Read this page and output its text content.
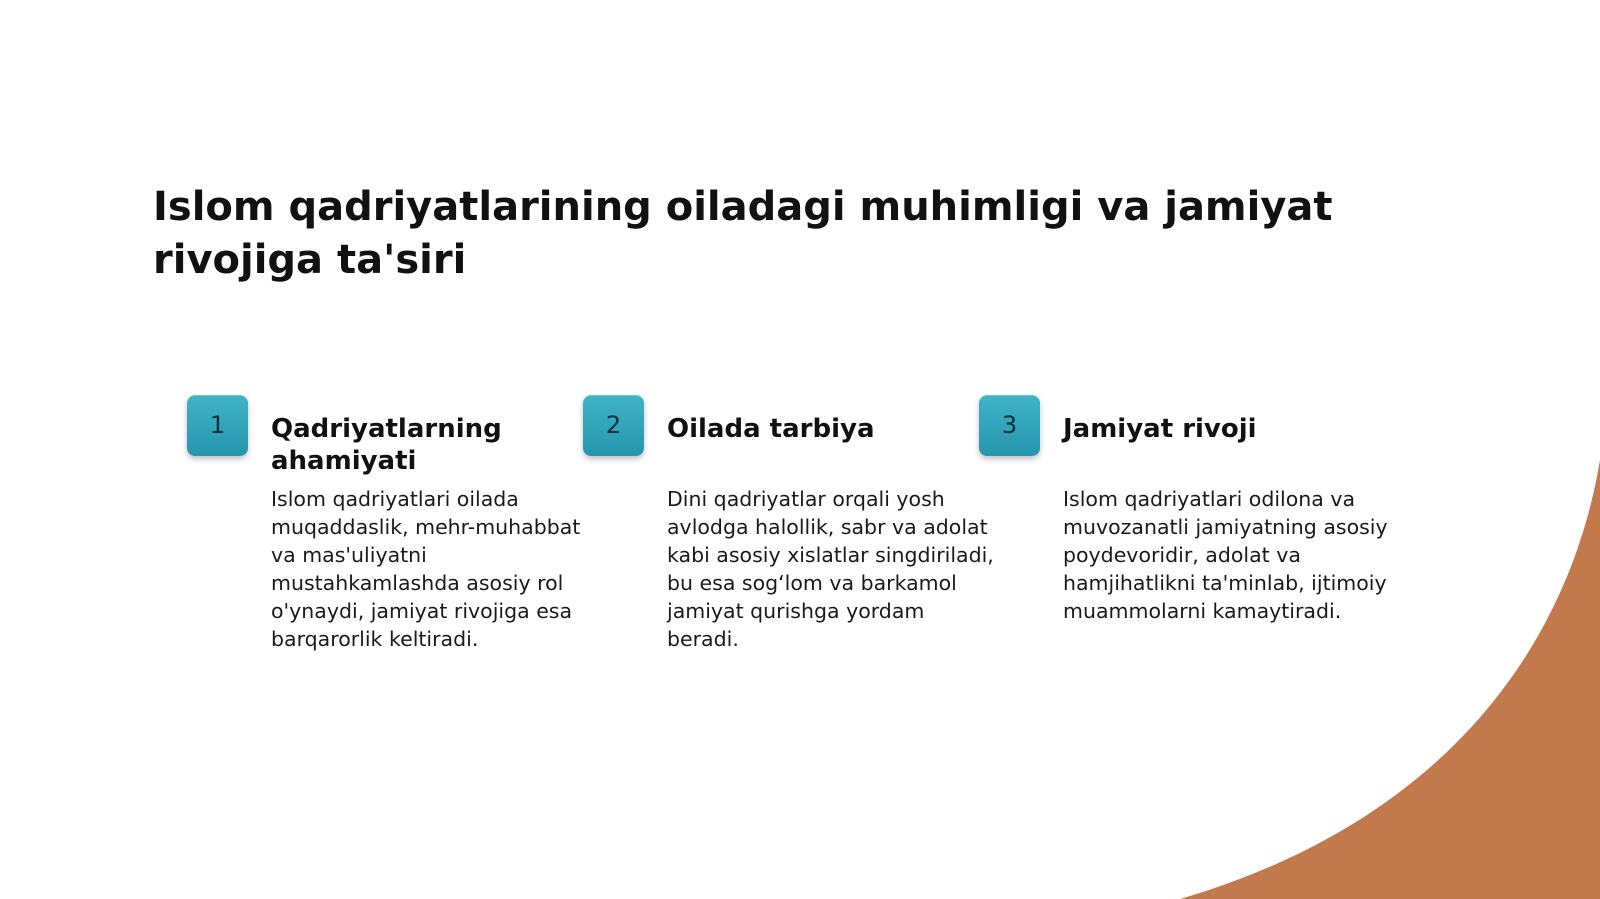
Islom qadriyatlarining oiladagi muhimligi va jamiyat rivojiga ta'siri
1	Qadriyatlarning ahamiyati

Islom qadriyatlari oilada muqaddaslik, mehr-muhabbat va mas'uliyatni mustahkamlashda asosiy rol o'ynaydi, jamiyat rivojiga esa barqarorlik keltiradi.

2	Oilada tarbiya

Dini qadriyatlar orqali yosh avlodga halollik, sabr va adolat kabi asosiy xislatlar singdiriladi, bu esa sog‘lom va barkamol jamiyat qurishga yordam beradi.

3	Jamiyat rivoji

Islom qadriyatlari odilona va muvozanatli jamiyatning asosiy poydevoridir, adolat va hamjihatlikni ta'minlab, ijtimoiy muammolarni kamaytiradi.
